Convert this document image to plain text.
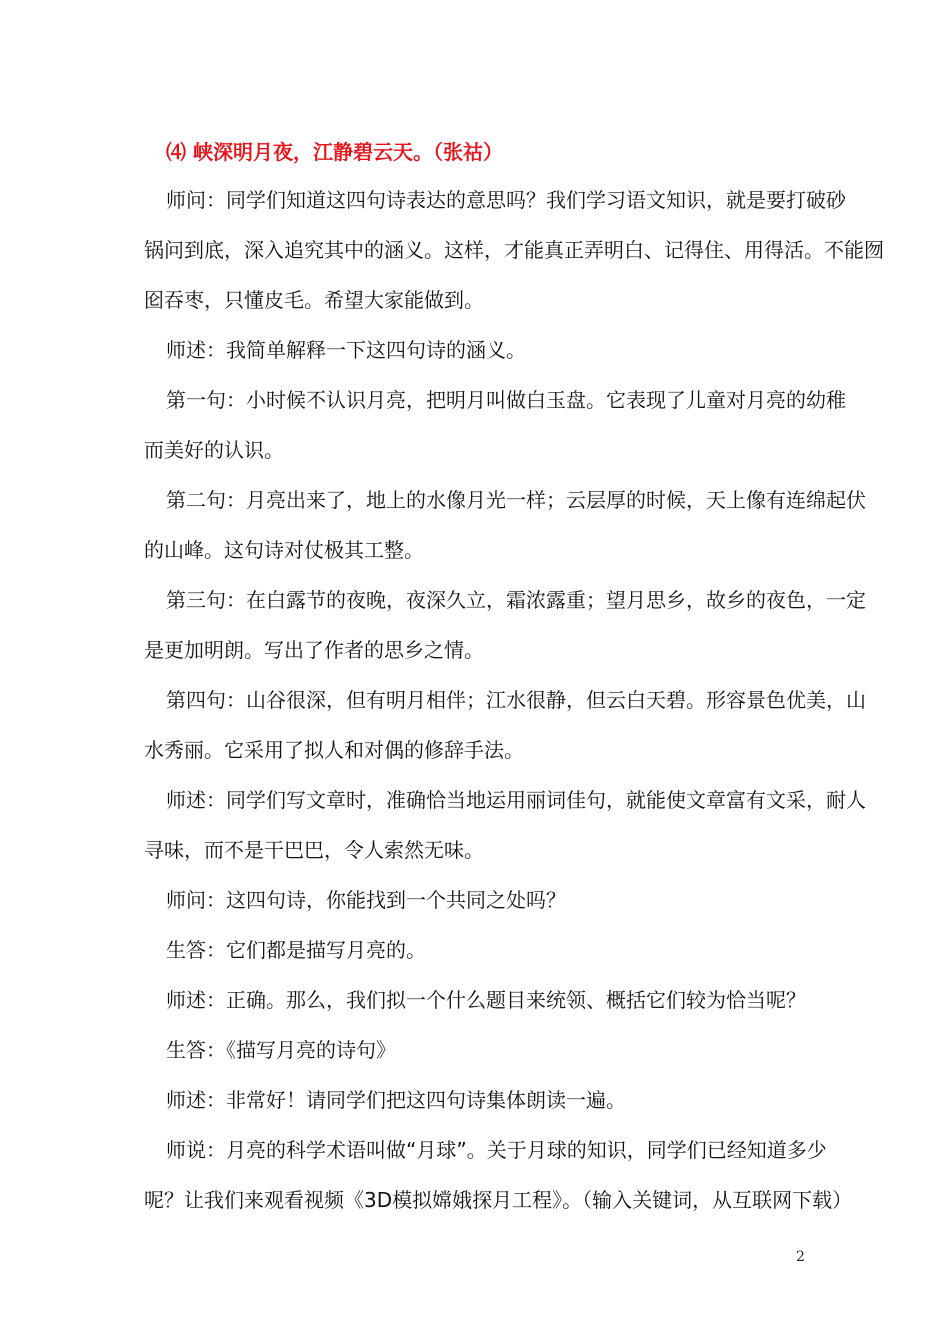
⑷ 峡深明月夜，江静碧云天。（张祜）
师问：同学们知道这四句诗表达的意思吗？我们学习语文知识，就是要打破砂
锅问到底，深入追究其中的涵义。这样，才能真正弄明白、记得住、用得活。不能囫
囵吞枣，只懂皮毛。希望大家能做到。
师述：我简单解释一下这四句诗的涵义。
第一句：小时候不认识月亮，把明月叫做白玉盘。它表现了儿童对月亮的幼稚
而美好的认识。
第二句：月亮出来了，地上的水像月光一样；云层厚的时候，天上像有连绵起伏
的山峰。这句诗对仗极其工整。
第三句：在白露节的夜晚，夜深久立，霜浓露重；望月思乡，故乡的夜色，一定
是更加明朗。写出了作者的思乡之情。
第四句：山谷很深，但有明月相伴；江水很静，但云白天碧。形容景色优美，山
水秀丽。它采用了拟人和对偶的修辞手法。
师述：同学们写文章时，准确恰当地运用丽词佳句，就能使文章富有文采，耐人
寻味，而不是干巴巴，令人索然无味。
师问：这四句诗，你能找到一个共同之处吗？
生答：它们都是描写月亮的。
师述：正确。那么，我们拟一个什么题目来统领、概括它们较为恰当呢？
生答：《描写月亮的诗句》
师述：非常好！请同学们把这四句诗集体朗读一遍。
师说：月亮的科学术语叫做“月球”。关于月球的知识，同学们已经知道多少
呢？让我们来观看视频《3D模拟嫦娥探月工程》。（输入关键词，从互联网下载）
2
